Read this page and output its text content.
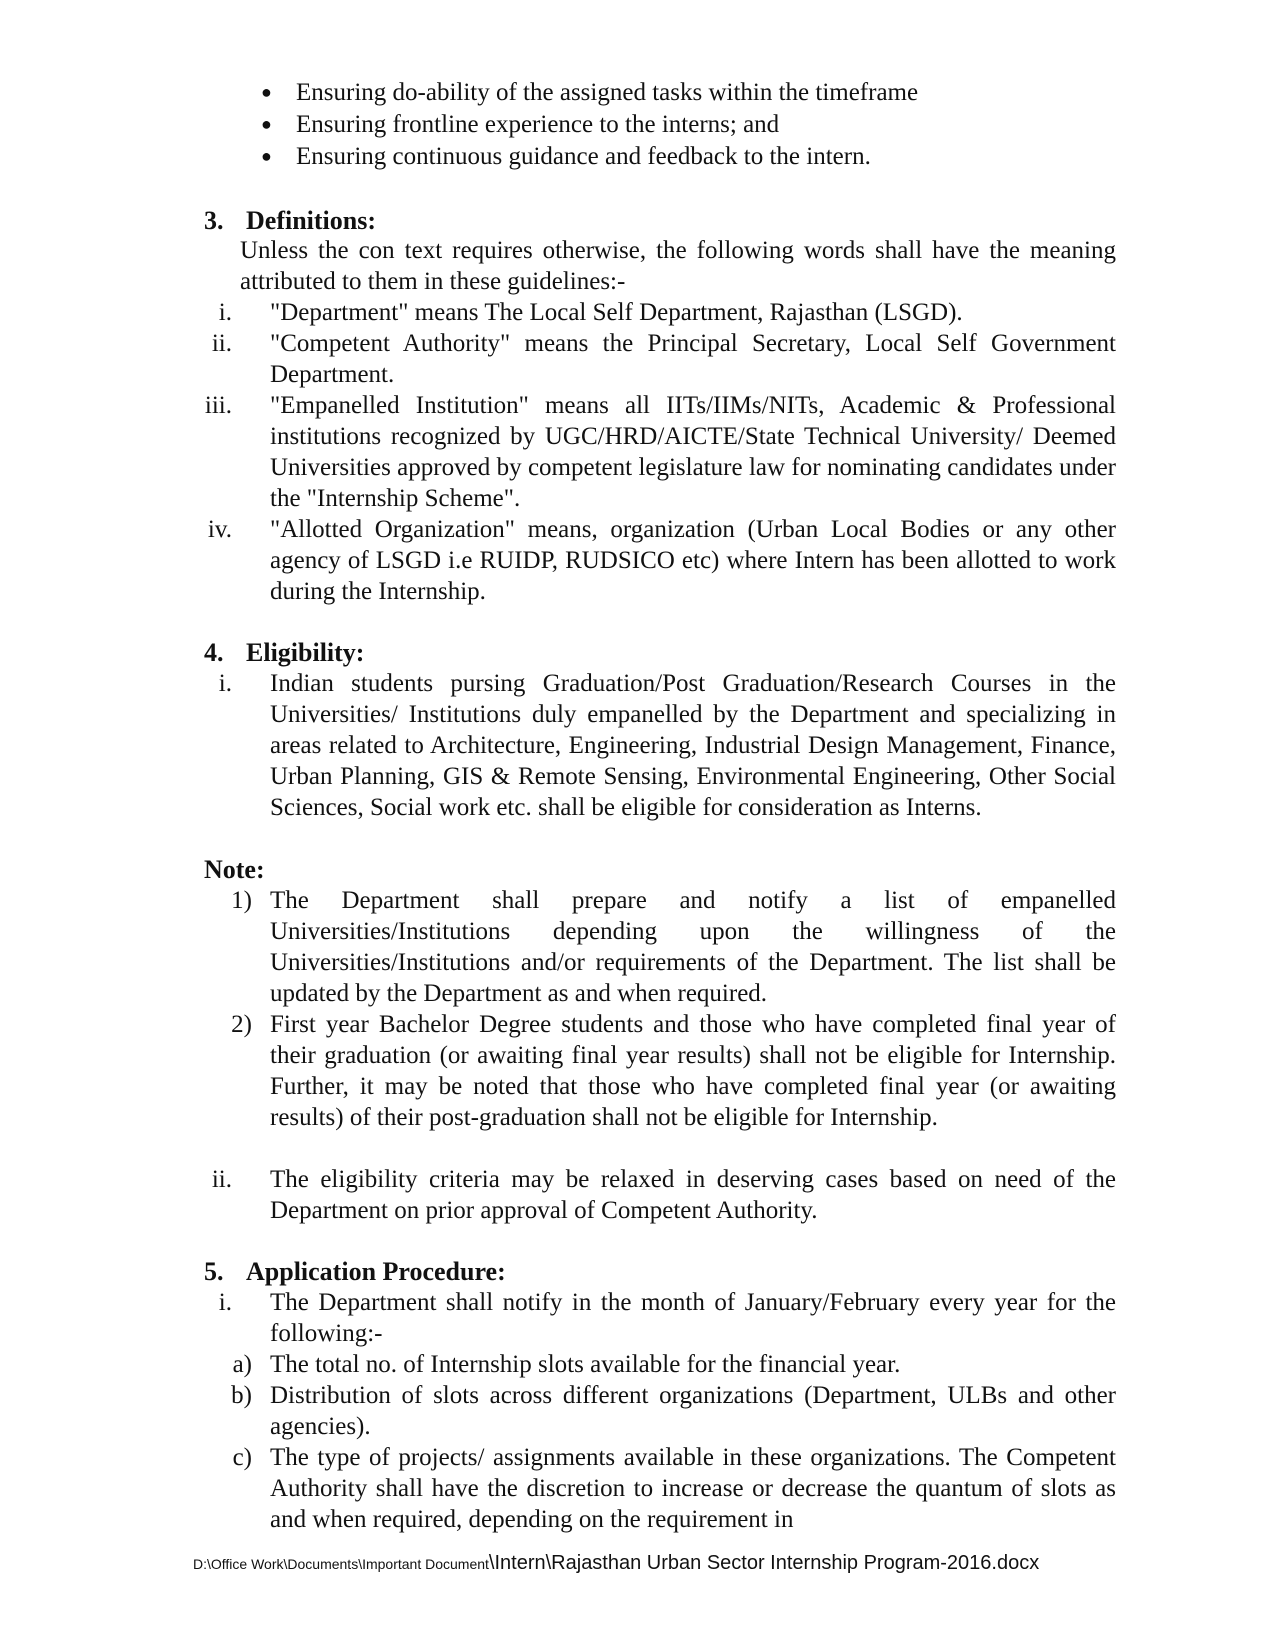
● Ensuring do-ability of the assigned tasks within the timeframe
● Ensuring frontline experience to the interns; and
● Ensuring continuous guidance and feedback to the intern.
3. Definitions:

Unless the con text requires otherwise, the following words shall have the meaning attributed to them in these guidelines:-

i. "Department" means The Local Self Department, Rajasthan (LSGD).

ii. "Competent Authority" means the Principal Secretary, Local Self Government Department.

iii. "Empanelled Institution" means all IITs/IIMs/NITs, Academic & Professional institutions recognized by UGC/HRD/AICTE/State Technical University/ Deemed Universities approved by competent legislature law for nominating candidates under the "Internship Scheme".

iv. "Allotted Organization" means, organization (Urban Local Bodies or any other agency of LSGD i.e RUIDP, RUDSICO etc) where Intern has been allotted to work during the Internship.

4. Eligibility:
i. Indian students pursing Graduation/Post Graduation/Research Courses in the Universities/ Institutions duly empanelled by the Department and specializing in areas related to Architecture, Engineering, Industrial Design Management, Finance, Urban Planning, GIS & Remote Sensing, Environmental Engineering, Other Social Sciences, Social work etc. shall be eligible for consideration as Interns.

Note:
1) The Department shall prepare and notify a list of empanelled Universities/Institutions depending upon the willingness of the Universities/Institutions and/or requirements of the Department. The list shall be updated by the Department as and when required.

2) First year Bachelor Degree students and those who have completed final year of their graduation (or awaiting final year results) shall not be eligible for Internship. Further, it may be noted that those who have completed final year (or awaiting results) of their post-graduation shall not be eligible for Internship.

ii. The eligibility criteria may be relaxed in deserving cases based on need of the Department on prior approval of Competent Authority.

5. Application Procedure:
i. The Department shall notify in the month of January/February every year for the following:-

a) The total no. of Internship slots available for the financial year.

b) Distribution of slots across different organizations (Department, ULBs and other agencies).

c) The type of projects/ assignments available in these organizations. The Competent Authority shall have the discretion to increase or decrease the quantum of slots as and when required, depending on the requirement in

D:\Office Work\Documents\Important Document\Intern\Rajasthan Urban Sector Internship Program-2016.docx
